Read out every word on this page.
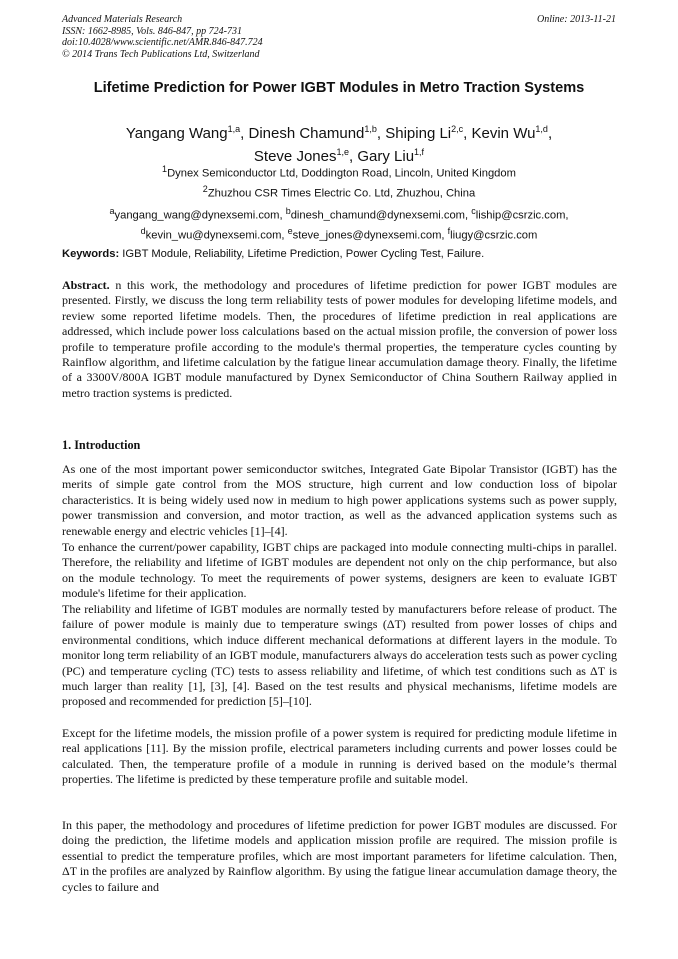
Advanced Materials Research
ISSN: 1662-8985, Vols. 846-847, pp 724-731
doi:10.4028/www.scientific.net/AMR.846-847.724
© 2014 Trans Tech Publications Ltd, Switzerland
Online: 2013-11-21
Lifetime Prediction for Power IGBT Modules in Metro Traction Systems
Yangang Wang$^{1,a}$, Dinesh Chamund$^{1,b}$, Shiping Li$^{2,c}$, Kevin Wu$^{1,d}$,
Steve Jones$^{1,e}$, Gary Liu$^{1,f}$
$^1$Dynex Semiconductor Ltd, Doddington Road, Lincoln, United Kingdom
$^2$Zhuzhou CSR Times Electric Co. Ltd, Zhuzhou, China
$^a$yangang_wang@dynexsemi.com, $^b$dinesh_chamund@dynexsemi.com, $^c$liship@csrzic.com,
$^d$kevin_wu@dynexsemi.com, $^e$steve_jones@dynexsemi.com, $^f$liugy@csrzic.com
Keywords: IGBT Module, Reliability, Lifetime Prediction, Power Cycling Test, Failure.
Abstract. n this work, the methodology and procedures of lifetime prediction for power IGBT modules are presented. Firstly, we discuss the long term reliability tests of power modules for developing lifetime models, and review some reported lifetime models. Then, the procedures of lifetime prediction in real applications are addressed, which include power loss calculations based on the actual mission profile, the conversion of power loss profile to temperature profile according to the module's thermal properties, the temperature cycles counting by Rainflow algorithm, and lifetime calculation by the fatigue linear accumulation damage theory. Finally, the lifetime of a 3300V/800A IGBT module manufactured by Dynex Semiconductor of China Southern Railway applied in metro traction systems is predicted.
1. Introduction
As one of the most important power semiconductor switches, Integrated Gate Bipolar Transistor (IGBT) has the merits of simple gate control from the MOS structure, high current and low conduction loss of bipolar characteristics. It is being widely used now in medium to high power applications systems such as power supply, power transmission and conversion, and motor traction, as well as the advanced application systems such as renewable energy and electric vehicles [1]–[4].
To enhance the current/power capability, IGBT chips are packaged into module connecting multi-chips in parallel. Therefore, the reliability and lifetime of IGBT modules are dependent not only on the chip performance, but also on the module technology. To meet the requirements of power systems, designers are keen to evaluate IGBT module's lifetime for their application.
The reliability and lifetime of IGBT modules are normally tested by manufacturers before release of product. The failure of power module is mainly due to temperature swings (ΔT) resulted from power losses of chips and environmental conditions, which induce different mechanical deformations at different layers in the module. To monitor long term reliability of an IGBT module, manufacturers always do acceleration tests such as power cycling (PC) and temperature cycling (TC) tests to assess reliability and lifetime, of which test conditions such as ΔT is much larger than reality [1], [3], [4]. Based on the test results and physical mechanisms, lifetime models are proposed and recommended for prediction [5]–[10].
Except for the lifetime models, the mission profile of a power system is required for predicting module lifetime in real applications [11]. By the mission profile, electrical parameters including currents and power losses could be calculated. Then, the temperature profile of a module in running is derived based on the module’s thermal properties. The lifetime is predicted by these temperature profile and suitable model.
In this paper, the methodology and procedures of lifetime prediction for power IGBT modules are discussed. For doing the prediction, the lifetime models and application mission profile are required. The mission profile is essential to predict the temperature profiles, which are most important parameters for lifetime calculation. Then, ΔT in the profiles are analyzed by Rainflow algorithm. By using the fatigue linear accumulation damage theory, the cycles to failure and
